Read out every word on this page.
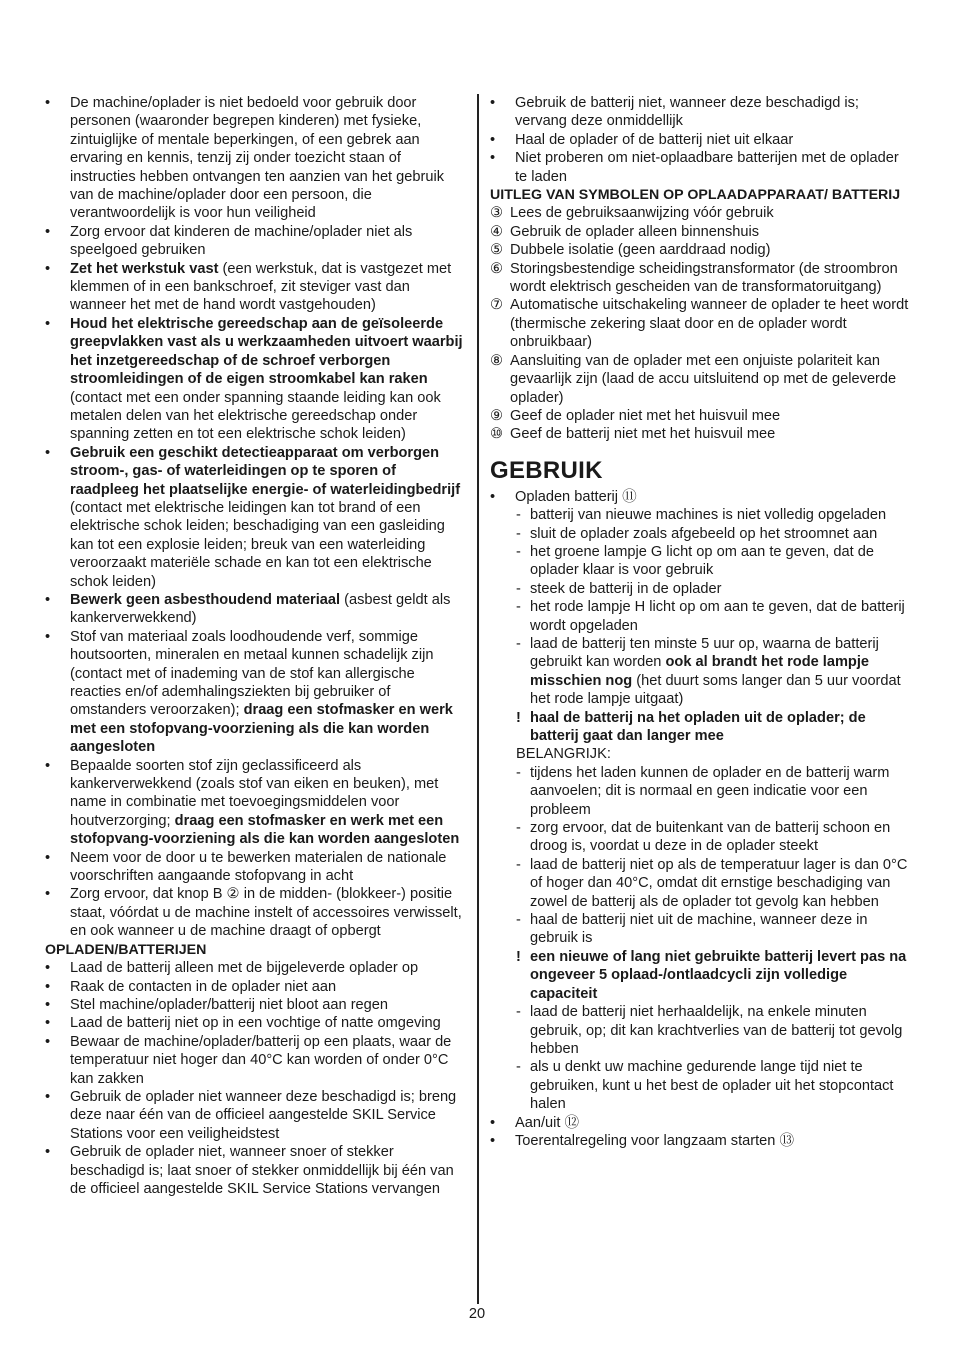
• De machine/oplader is niet bedoeld voor gebruik door personen (waaronder begrepen kinderen) met fysieke, zintuiglijke of mentale beperkingen, of een gebrek aan ervaring en kennis, tenzij zij onder toezicht staan of instructies hebben ontvangen ten aanzien van het gebruik van de machine/oplader door een persoon, die verantwoordelijk is voor hun veiligheid
• Zorg ervoor dat kinderen de machine/oplader niet als speelgoed gebruiken
• Zet het werkstuk vast (een werkstuk, dat is vastgezet met klemmen of in een bankschroef, zit steviger vast dan wanneer het met de hand wordt vastgehouden)
• Houd het elektrische gereedschap aan de geïsoleerde greepvlakken vast als u werkzaamheden uitvoert waarbij het inzetgereedschap of de schroef verborgen stroomleidingen of de eigen stroomkabel kan raken (contact met een onder spanning staande leiding kan ook metalen delen van het elektrische gereedschap onder spanning zetten en tot een elektrische schok leiden)
• Gebruik een geschikt detectieapparaat om verborgen stroom-, gas- of waterleidingen op te sporen of raadpleeg het plaatselijke energie- of waterleidingbedrijf (contact met elektrische leidingen kan tot brand of een elektrische schok leiden; beschadiging van een gasleiding kan tot een explosie leiden; breuk van een waterleiding veroorzaakt materiële schade en kan tot een elektrische schok leiden)
• Bewerk geen asbesthoudend materiaal (asbest geldt als kankerverwekkend)
• Stof van materiaal zoals loodhoudende verf, sommige houtsoorten, mineralen en metaal kunnen schadelijk zijn (contact met of inademing van de stof kan allergische reacties en/of ademhalingsziekten bij gebruiker of omstanders veroorzaken); draag een stofmasker en werk met een stofopvang-voorziening als die kan worden aangesloten
• Bepaalde soorten stof zijn geclassificeerd als kankerverwekkend (zoals stof van eiken en beuken), met name in combinatie met toevoegingsmiddelen voor houtverzorging; draag een stofmasker en werk met een stofopvang-voorziening als die kan worden aangesloten
• Neem voor de door u te bewerken materialen de nationale voorschriften aangaande stofopvang in acht
• Zorg ervoor, dat knop B ② in de midden- (blokkeer-) positie staat, vóórdat u de machine instelt of accessoires verwisselt, en ook wanneer u de machine draagt of opbergt
OPLADEN/BATTERIJEN
• Laad de batterij alleen met de bijgeleverde oplader op
• Raak de contacten in de oplader niet aan
• Stel machine/oplader/batterij niet bloot aan regen
• Laad de batterij niet op in een vochtige of natte omgeving
• Bewaar de machine/oplader/batterij op een plaats, waar de temperatuur niet hoger dan 40°C kan worden of onder 0°C kan zakken
• Gebruik de oplader niet wanneer deze beschadigd is; breng deze naar één van de officieel aangestelde SKIL Service Stations voor een veiligheidstest
• Gebruik de oplader niet, wanneer snoer of stekker beschadigd is; laat snoer of stekker onmiddellijk bij één van de officieel aangestelde SKIL Service Stations vervangen
• Gebruik de batterij niet, wanneer deze beschadigd is; vervang deze onmiddellijk
• Haal de oplader of de batterij niet uit elkaar
• Niet proberen om niet-oplaadbare batterijen met de oplader te laden
UITLEG VAN SYMBOLEN OP OPLAADAPPARAAT/ BATTERIJ
③ Lees de gebruiksaanwijzing vóór gebruik
④ Gebruik de oplader alleen binnenshuis
⑤ Dubbele isolatie (geen aarddraad nodig)
⑥ Storingsbestendige scheidingstransformator (de stroombron wordt elektrisch gescheiden van de transformatoruitgang)
⑦ Automatische uitschakeling wanneer de oplader te heet wordt (thermische zekering slaat door en de oplader wordt onbruikbaar)
⑧ Aansluiting van de oplader met een onjuiste polariteit kan gevaarlijk zijn (laad de accu uitsluitend op met de geleverde oplader)
⑨ Geef de oplader niet met het huisvuil mee
⑩ Geef de batterij niet met het huisvuil mee
GEBRUIK
• Opladen batterij ⑪
- batterij van nieuwe machines is niet volledig opgeladen
- sluit de oplader zoals afgebeeld op het stroomnet aan
- het groene lampje G licht op om aan te geven, dat de oplader klaar is voor gebruik
- steek de batterij in de oplader
- het rode lampje H licht op om aan te geven, dat de batterij wordt opgeladen
- laad de batterij ten minste 5 uur op, waarna de batterij gebruikt kan worden ook al brandt het rode lampje misschien nog (het duurt soms langer dan 5 uur voordat het rode lampje uitgaat)
! haal de batterij na het opladen uit de oplader; de batterij gaat dan langer mee
BELANGRIJK:
- tijdens het laden kunnen de oplader en de batterij warm aanvoelen; dit is normaal en geen indicatie voor een probleem
- zorg ervoor, dat de buitenkant van de batterij schoon en droog is, voordat u deze in de oplader steekt
- laad de batterij niet op als de temperatuur lager is dan 0°C of hoger dan 40°C, omdat dit ernstige beschadiging van zowel de batterij als de oplader tot gevolg kan hebben
- haal de batterij niet uit de machine, wanneer deze in gebruik is
! een nieuwe of lang niet gebruikte batterij levert pas na ongeveer 5 oplaad-/ontlaadcycli zijn volledige capaciteit
- laad de batterij niet herhaaldelijk, na enkele minuten gebruik, op; dit kan krachtverlies van de batterij tot gevolg hebben
- als u denkt uw machine gedurende lange tijd niet te gebruiken, kunt u het best de oplader uit het stopcontact halen
• Aan/uit ⑫
• Toerentalregeling voor langzaam starten ⑬
20
